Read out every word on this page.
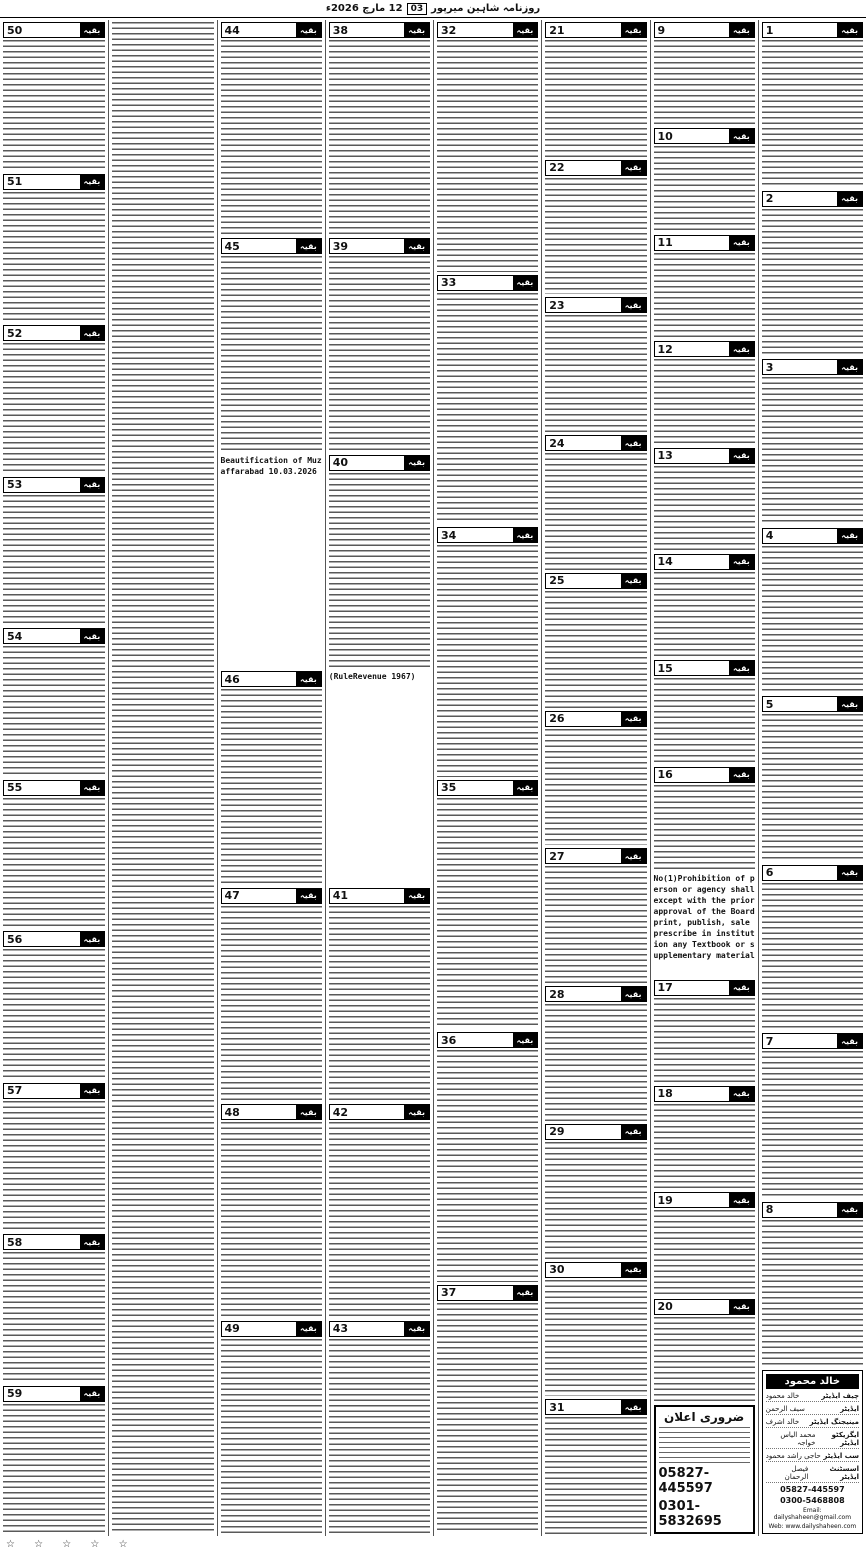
روزنامہ شاہین میرپور
03
12 مارچ 2026ء
بقیہ
1
بقیہ
2
بقیہ
3
بقیہ
4
بقیہ
5
بقیہ
6
بقیہ
7
بقیہ
8
خالد محمود
چیف ایڈیٹر
خالد محمود
ایڈیٹر
سیف الرحمن
مینیجنگ ایڈیٹر
خالد اشرف
ایگزیکٹو ایڈیٹر
محمد الیاس خواجہ
سب ایڈیٹر
حاجی راشد محمود
اسسٹنٹ ایڈیٹر
فیصل الرحمان
05827-445597
0300-5468808
Email: dailyshaheen@gmail.com
Web: www.dailyshaheen.com
بقیہ
9
بقیہ
10
بقیہ
11
بقیہ
12
بقیہ
13
بقیہ
14
بقیہ
15
بقیہ
16
No(1)Prohibition of person or agency shall except with the prior approval of the Board print, publish, sale prescribe in institution any Textbook or supplementary material
بقیہ
17
بقیہ
18
بقیہ
19
بقیہ
20
ضروری اعلان
05827-445597
0301-5832695
بقیہ
21
بقیہ
22
بقیہ
23
بقیہ
24
بقیہ
25
بقیہ
26
بقیہ
27
بقیہ
28
بقیہ
29
بقیہ
30
بقیہ
31
بقیہ
32
بقیہ
33
بقیہ
34
بقیہ
35
بقیہ
36
بقیہ
37
بقیہ
38
بقیہ
39
بقیہ
40
(RuleRevenue 1967)
بقیہ
41
بقیہ
42
بقیہ
43
بقیہ
44
بقیہ
45
Beautification of Muzaffarabad 10.03.2026
بقیہ
46
بقیہ
47
بقیہ
48
بقیہ
49
بقیہ
50
بقیہ
51
بقیہ
52
بقیہ
53
بقیہ
54
بقیہ
55
بقیہ
56
بقیہ
57
بقیہ
58
بقیہ
59
☆ ☆ ☆ ☆ ☆
